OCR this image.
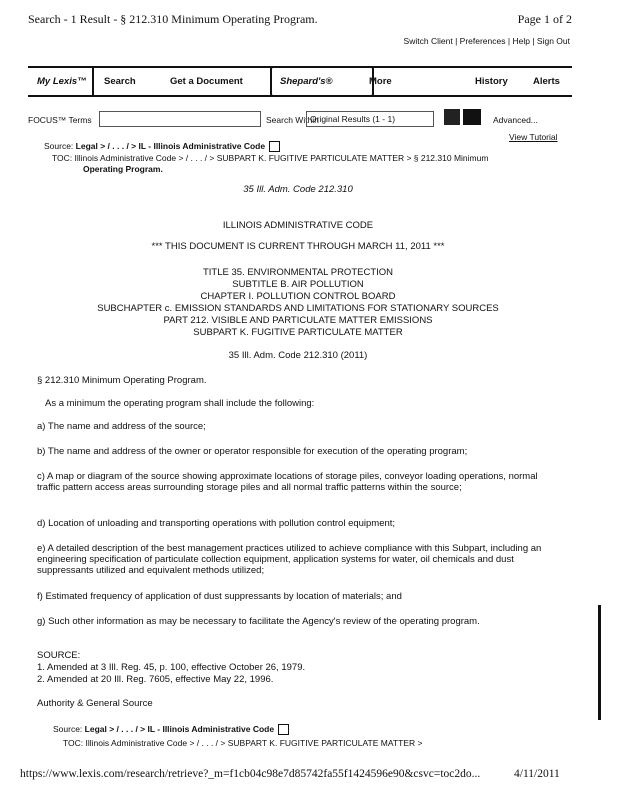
Search - 1 Result - § 212.310 Minimum Operating Program.	Page 1 of 2
Switch Client | Preferences | Help | Sign Out
My Lexis™ Search	Get a Document	Shepard's®	More	History	Alerts
FOCUS™ Terms	Search Within
Original Results (1 - 1)	Advanced...
View Tutorial
Source: Legal > / . . . / > IL - Illinois Administrative Code
TOC: Illinois Administrative Code > / . . . / > SUBPART K. FUGITIVE PARTICULATE MATTER > § 212.310 Minimum
Operating Program.
35 Ill. Adm. Code 212.310
ILLINOIS ADMINISTRATIVE CODE
*** THIS DOCUMENT IS CURRENT THROUGH MARCH 11, 2011 ***
TITLE 35. ENVIRONMENTAL PROTECTION
SUBTITLE B. AIR POLLUTION
CHAPTER I. POLLUTION CONTROL BOARD
SUBCHAPTER c. EMISSION STANDARDS AND LIMITATIONS FOR STATIONARY SOURCES
PART 212. VISIBLE AND PARTICULATE MATTER EMISSIONS
SUBPART K. FUGITIVE PARTICULATE MATTER
35 Ill. Adm. Code 212.310 (2011)
§ 212.310 Minimum Operating Program.
As a minimum the operating program shall include the following:
a) The name and address of the source;
b) The name and address of the owner or operator responsible for execution of the operating program;
c) A map or diagram of the source showing approximate locations of storage piles, conveyor loading operations, normal traffic pattern access areas surrounding storage piles and all normal traffic patterns within the source;
d) Location of unloading and transporting operations with pollution control equipment;
e) A detailed description of the best management practices utilized to achieve compliance with this Subpart, including an engineering specification of particulate collection equipment, application systems for water, oil chemicals and dust suppressants utilized and equivalent methods utilized;
f) Estimated frequency of application of dust suppressants by location of materials; and
g) Such other information as may be necessary to facilitate the Agency's review of the operating program.
SOURCE:
1. Amended at 3 Ill. Reg. 45, p. 100, effective October 26, 1979.
2. Amended at 20 Ill. Reg. 7605, effective May 22, 1996.
Authority & General Source
Source: Legal > / . . . / > IL - Illinois Administrative Code
TOC: Illinois Administrative Code > / . . . / > SUBPART K. FUGITIVE PARTICULATE MATTER >
https://www.lexis.com/research/retrieve?_m=f1cb04c98e7d85742fa55f1424596e90&csvc=toc2do...	4/11/2011
